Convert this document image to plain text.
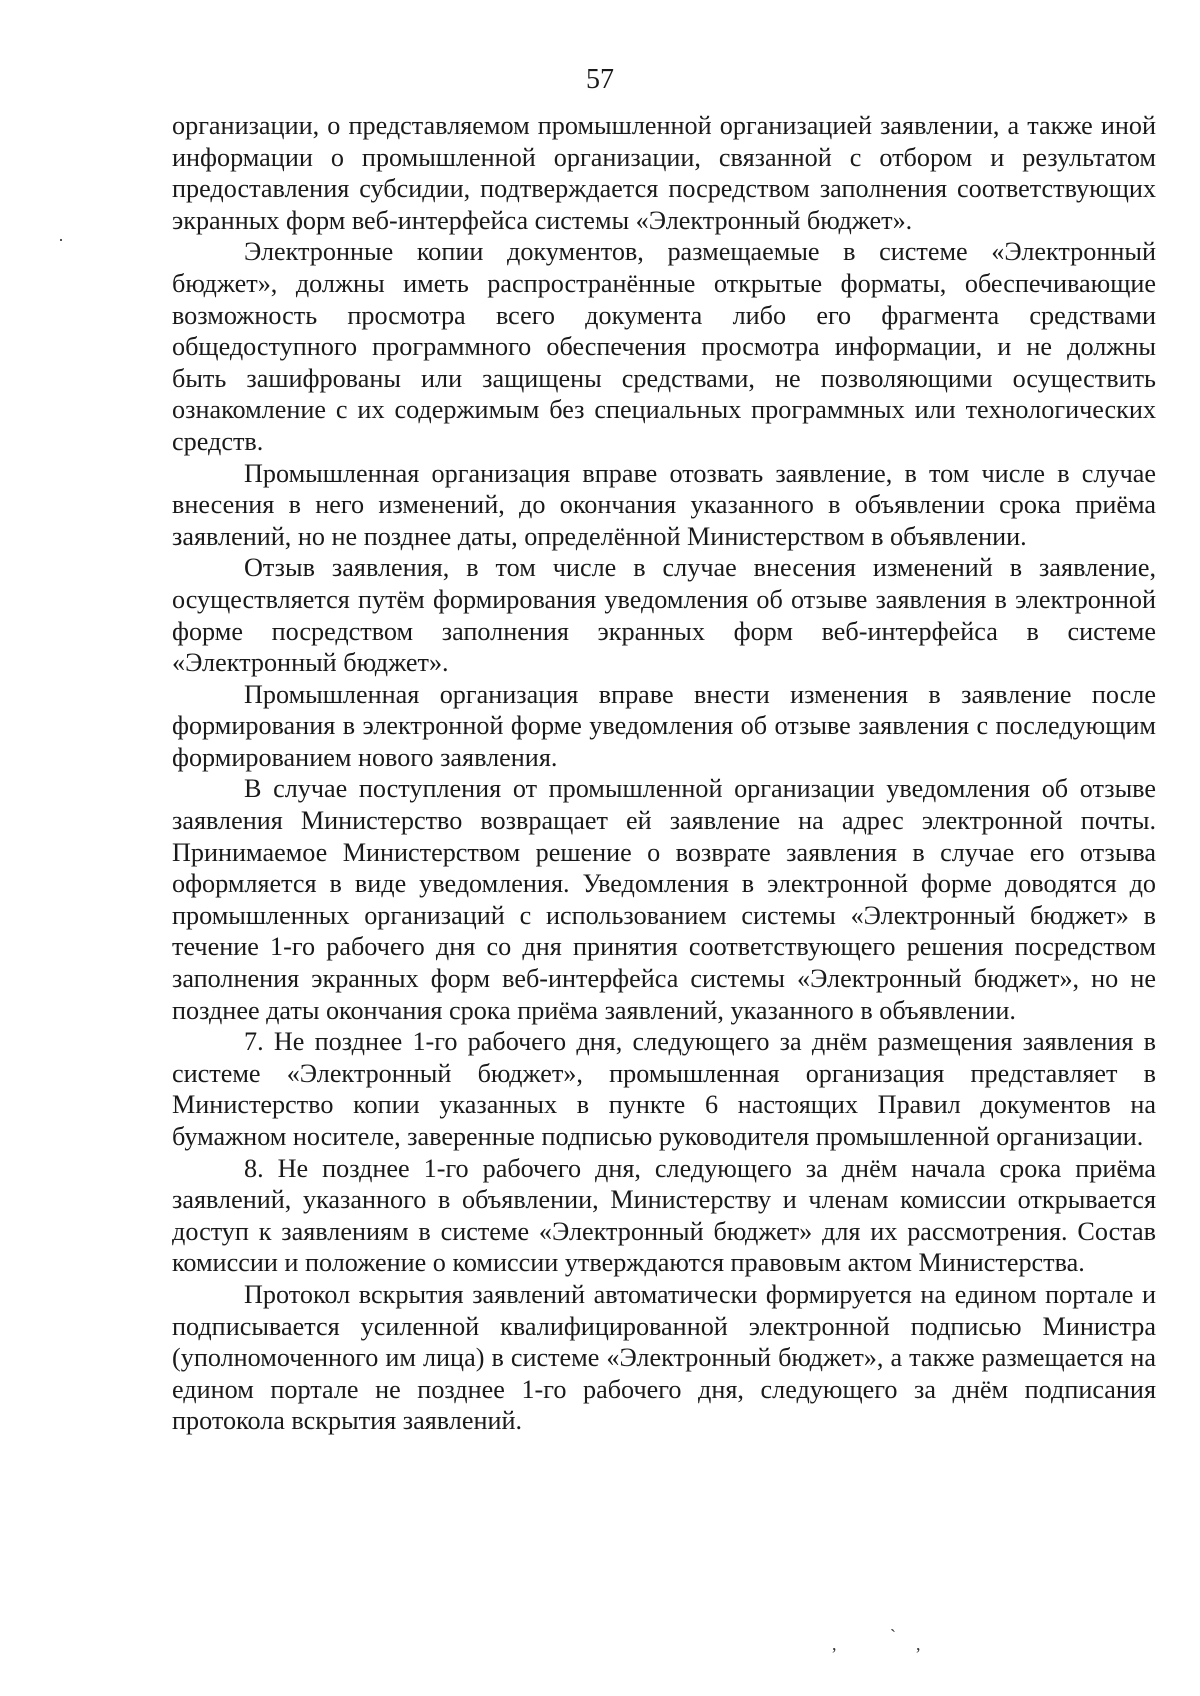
57

организации, о представляемом промышленной организацией заявлении, а также иной информации о промышленной организации, связанной с отбором и результатом предоставления субсидии, подтверждается посредством заполнения соответствующих экранных форм веб-интерфейса системы «Электронный бюджет».

Электронные копии документов, размещаемые в системе «Электронный бюджет», должны иметь распространённые открытые форматы, обеспечивающие возможность просмотра всего документа либо его фрагмента средствами общедоступного программного обеспечения просмотра информации, и не должны быть зашифрованы или защищены средствами, не позволяющими осуществить ознакомление с их содержимым без специальных программных или технологических средств.

Промышленная организация вправе отозвать заявление, в том числе в случае внесения в него изменений, до окончания указанного в объявлении срока приёма заявлений, но не позднее даты, определённой Министерством в объявлении.

Отзыв заявления, в том числе в случае внесения изменений в заявление, осуществляется путём формирования уведомления об отзыве заявления в электронной форме посредством заполнения экранных форм веб-интерфейса в системе «Электронный бюджет».

Промышленная организация вправе внести изменения в заявление после формирования в электронной форме уведомления об отзыве заявления с последующим формированием нового заявления.

В случае поступления от промышленной организации уведомления об отзыве заявления Министерство возвращает ей заявление на адрес электронной почты. Принимаемое Министерством решение о возврате заявления в случае его отзыва оформляется в виде уведомления. Уведомления в электронной форме доводятся до промышленных организаций с использованием системы «Электронный бюджет» в течение 1-го рабочего дня со дня принятия соответствующего решения посредством заполнения экранных форм веб-интерфейса системы «Электронный бюджет», но не позднее даты окончания срока приёма заявлений, указанного в объявлении.

7. Не позднее 1-го рабочего дня, следующего за днём размещения заявления в системе «Электронный бюджет», промышленная организация представляет в Министерство копии указанных в пункте 6 настоящих Правил документов на бумажном носителе, заверенные подписью руководителя промышленной организации.

8. Не позднее 1-го рабочего дня, следующего за днём начала срока приёма заявлений, указанного в объявлении, Министерству и членам комиссии открывается доступ к заявлениям в системе «Электронный бюджет» для их рассмотрения. Состав комиссии и положение о комиссии утверждаются правовым актом Министерства.

Протокол вскрытия заявлений автоматически формируется на едином портале и подписывается усиленной квалифицированной электронной подписью Министра (уполномоченного им лица) в системе «Электронный бюджет», а также размещается на едином портале не позднее 1-го рабочего дня, следующего за днём подписания протокола вскрытия заявлений.

·
,	ˋ ,
